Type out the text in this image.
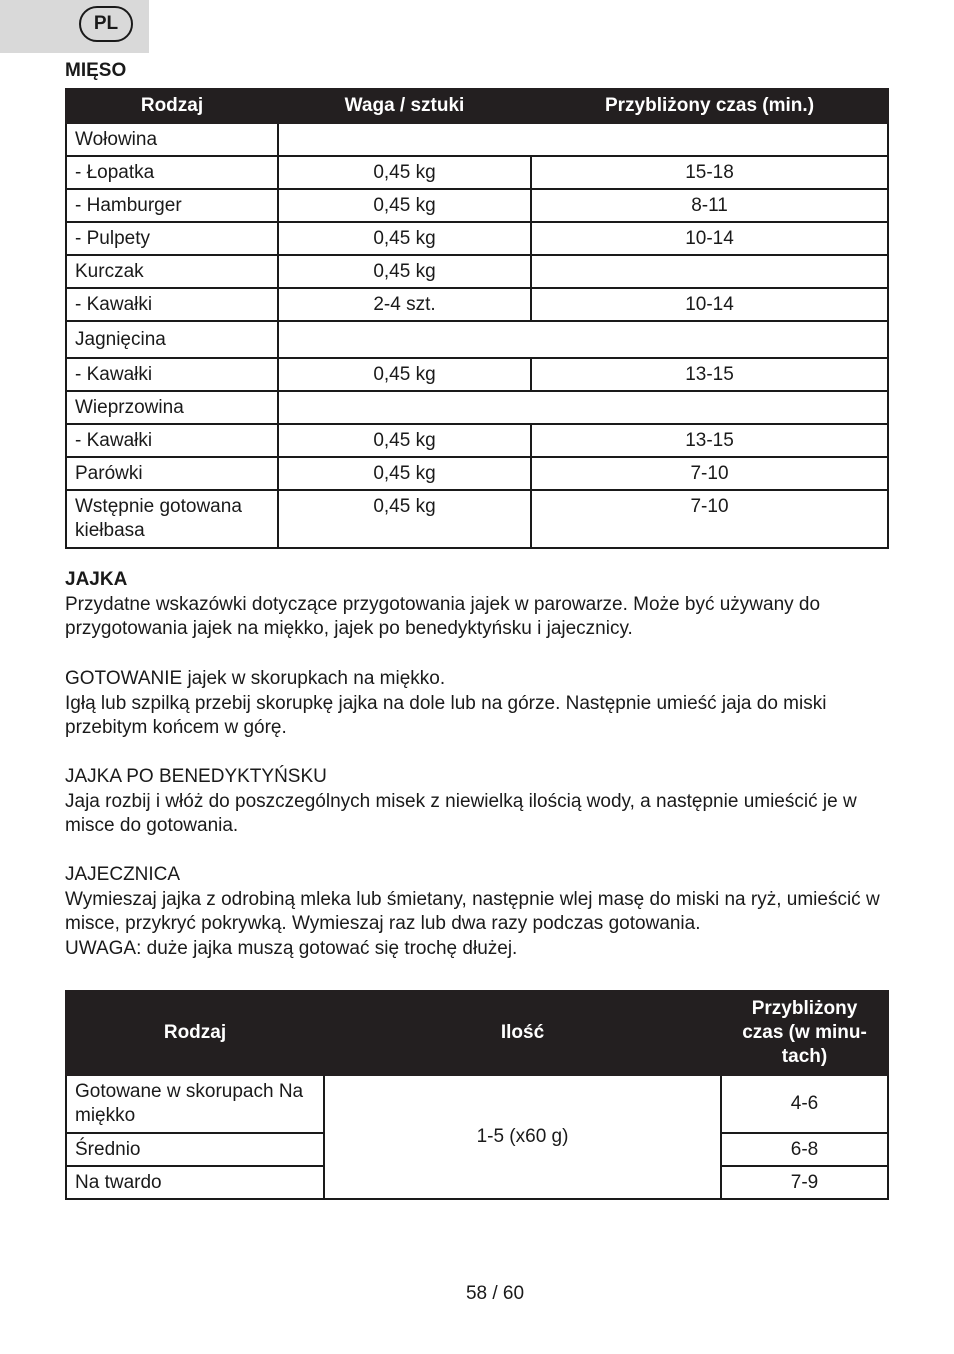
PL
MIĘSO
Rodzaj	Waga / sztuki	Przybliżony czas (min.)
Wołowina		
- Łopatka	0,45 kg	15-18
- Hamburger	0,45 kg	8-11
- Pulpety	0,45 kg	10-14
Kurczak	0,45 kg	
- Kawałki	2-4 szt.	10-14
Jagnięcina		
- Kawałki	0,45 kg	13-15
Wieprzowina		
- Kawałki	0,45 kg	13-15
Parówki	0,45 kg	7-10
Wstępnie gotowana kiełbasa	0,45 kg	7-10

JAJKA
Przydatne wskazówki dotyczące przygotowania jajek w parowarze. Może być używany do przygotowania jajek na miękko, jajek po benedyktyńsku i jajecznicy.

GOTOWANIE jajek w skorupkach na miękko.
Igłą lub szpilką przebij skorupkę jajka na dole lub na górze. Następnie umieść jaja do miski przebitym końcem w górę.

JAJKA PO BENEDYKTYŃSKU
Jaja rozbij i włóż do poszczególnych misek z niewielką ilością wody, a następnie umieścić je w misce do gotowania.

JAJECZNICA
Wymieszaj jajka z odrobiną mleka lub śmietany, następnie wlej masę do miski na ryż, umieścić w misce, przykryć pokrywką. Wymieszaj raz lub dwa razy podczas gotowania.
UWAGA: duże jajka muszą gotować się trochę dłużej.

Rodzaj	Ilość	Przybliżony czas (w minu-tach)
Gotowane w skorupach Na miękko	1-5 (x60 g)	4-6
Średnio		6-8
Na twardo		7-9
58 / 60
